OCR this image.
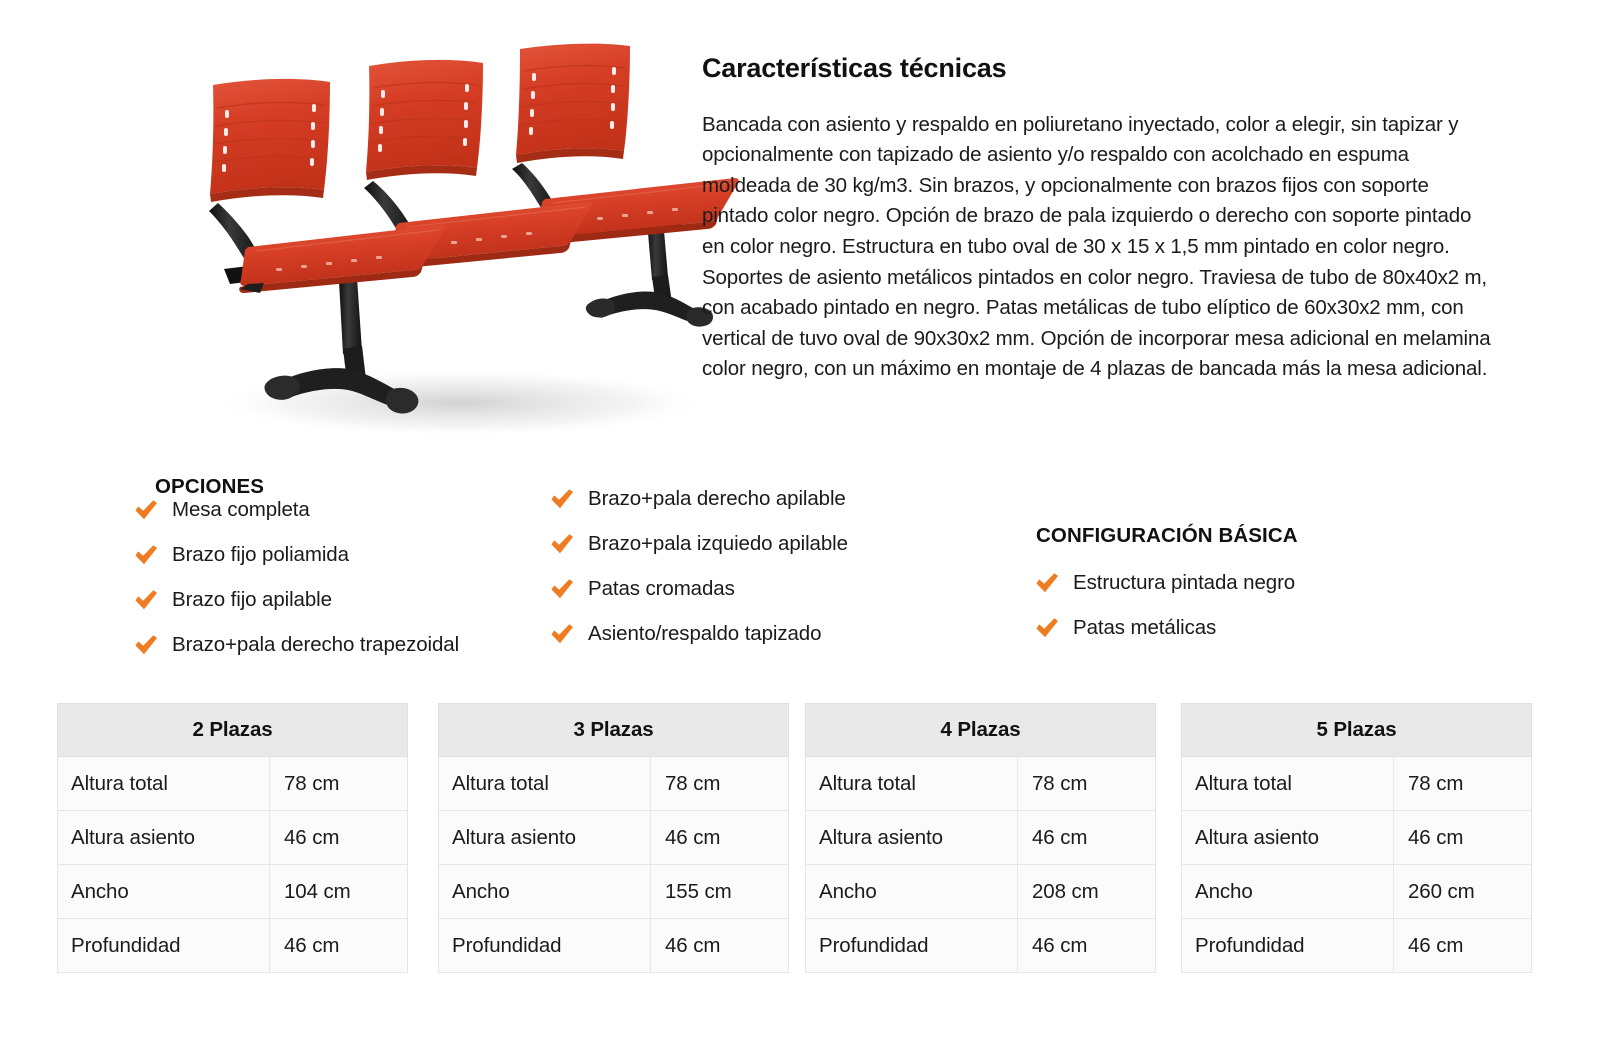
Características técnicas

Bancada con asiento y respaldo en poliuretano inyectado, color a elegir, sin tapizar y opcionalmente con tapizado de asiento y/o respaldo con acolchado en espuma moldeada de 30 kg/m3. Sin brazos, y opcionalmente con brazos fijos con soporte pintado color negro. Opción de brazo de pala izquierdo o derecho con soporte pintado en color negro. Estructura en tubo oval de 30 x 15 x 1,5 mm pintado en color negro. Soportes de asiento metálicos pintados en color negro. Traviesa de tubo de 80x40x2 m, con acabado pintado en negro. Patas metálicas de tubo elíptico de 60x30x2 mm, con vertical de tuvo oval de 90x30x2 mm. Opción de incorporar mesa adicional en melamina color negro, con un máximo en montaje de 4 plazas de bancada más la mesa adicional.

OPCIONES
Mesa completa
Brazo fijo poliamida
Brazo fijo apilable
Brazo+pala derecho trapezoidal
Brazo+pala derecho apilable
Brazo+pala izquiedo apilable
Patas cromadas
Asiento/respaldo tapizado
CONFIGURACIÓN BÁSICA
Estructura pintada negro
Patas metálicas
2 Plazas	
Altura total	78 cm
Altura asiento	46 cm
Ancho	104 cm
Profundidad	46 cm
3 Plazas	
Altura total	78 cm
Altura asiento	46 cm
Ancho	155 cm
Profundidad	46 cm
4 Plazas	
Altura total	78 cm
Altura asiento	46 cm
Ancho	208 cm
Profundidad	46 cm
5 Plazas	
Altura total	78 cm
Altura asiento	46 cm
Ancho	260 cm
Profundidad	46 cm
